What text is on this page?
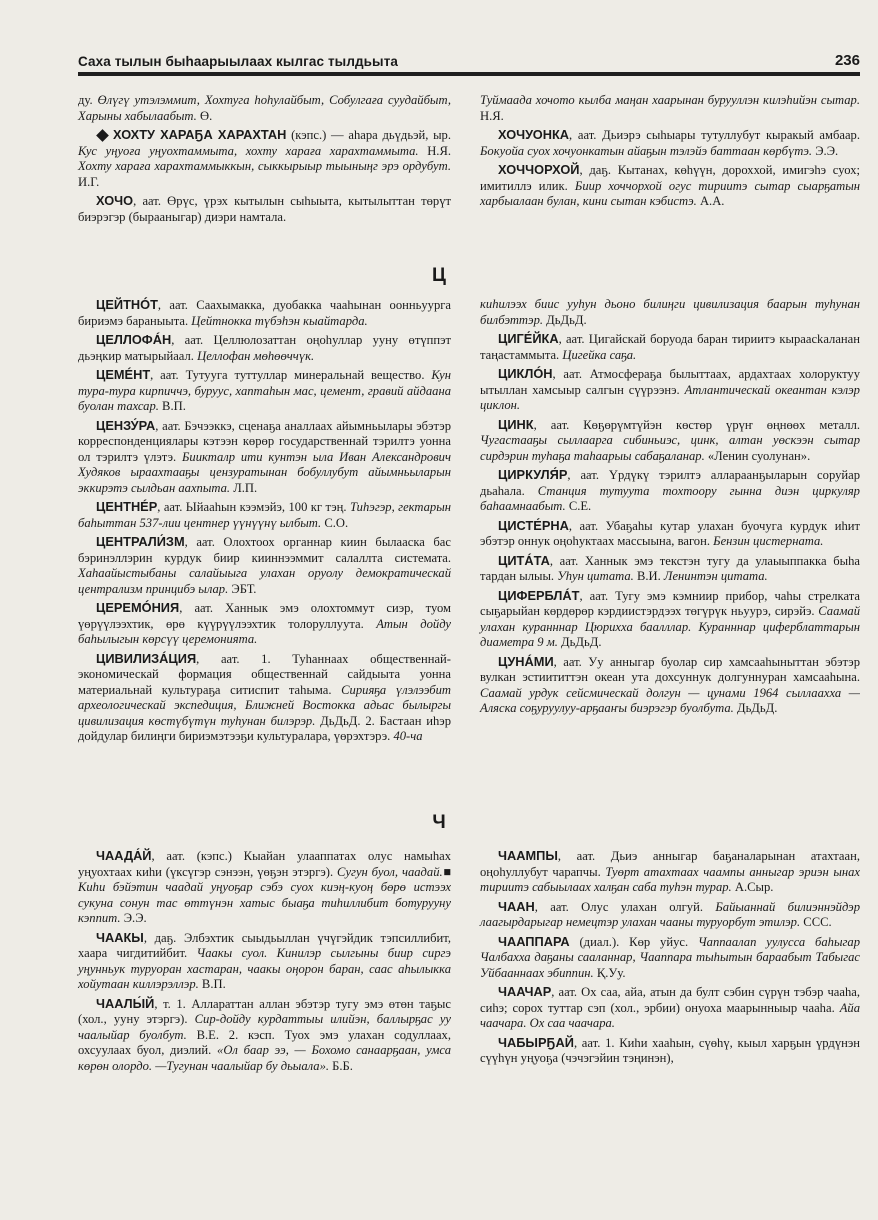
Саха тылын быһаарыылаах кылгас тылдьыта	236

ду. Өлүгү утэлэммит, Хохтуга hоhулайбыт, Собулгаға суудайбыт, Харыны хабылаабыт. Ө.

ХОХТУ ХАРАҔА ХАРАХТАН (кэпс.) — аhара дьүдьэй, ыр. Кус уңуоға уңуохтаммыта, хохту хараға харахтаммыта. Н.Я. Хохту хараға харахтаммыккын, сыккырыыр тыыныңг эрэ ордубут. И.Г.

ХОЧО, аат. Өрүс, үрэх кытылын сыhыыта, кытылыттан төрүт биэрэгэр (бырааныгар) диэри намтала.

Туймаада хочото кылба маңан хаарынан бурууллэн килэhийэн сытар. Н.Я.

ХОЧУОНКА, аат. Дьиэрэ сыhыары тутуллубут кыракый амбаар. Бокуойа суох хочуонкатын айаҕын тэлэйэ баттаан көрбүтэ. Э.Э.

ХОЧЧОРХОЙ, даҕ. Кытанах, көhүүн, дороххой, имигэhэ суох; имитиллэ илик. Биир хоччорхой огус тириитэ сытар сыарҕатын харбыалаан булан, кини сытан кэбистэ. А.А.

Ц

ЦЕЙТНÓТ, аат. Саахымакка, дуобакка чааhынан оонньуурга бириэмэ бараныыта. Цейтнокка түбэhэн кыайтарда.

ЦЕЛЛОФÁН, аат. Целлюлозаттан оңоhуллар ууну өтүппэт дьэңкир матырыйаал. Целлофан мөhөөччүк.

ЦЕМÉНТ, аат. Тутууга туттуллар минеральнай вещество. Кун тура-тура кирпиччэ, бурууc, хаптаhын мас, цемент, гравий айдаана буолан тахсар. В.П.

ЦЕНЗУ́РА, аат. Бэчээккэ, сценаҕа аналлаах айымньылары эбэтэр корреспонденциялары кэтээн көрөр государственнай тэрилтэ уонна ол тэрилтэ үлэтэ. Биикталр ити кунтэн ыла Иван Александрович Худяков ыраахтааҕы цензуратынан бобуллубут айымньыларын эккирэтэ сылдьан аахпыта. Л.П.

ЦЕНТНÉР, аат. Ыйааhын кээмэйэ, 100 кг тэң. Тиhэгэр, гектарын баhыттан 537-лии центнер үүнүүнү ылбыт. С.О.

ЦЕНТРАЛИ́ЗМ, аат. Олохтоох органнар киин былааска бас бэринэллэрин курдук биир кииннээммит салаллта систематa. Хаhаайыстыбаны салайыыга улахан оруолу демократическай централизм принцибэ ылар. ЭБТ.

ЦЕРЕМÓНИЯ, аат. Ханнык эмэ олохтоммут сиэр, туом үөрүүлээхтик, өрө күүрүүлээхтик толоруллуута. Атын дойду баhылыгын көрсүү церемонията.

ЦИВИЛИЗÁЦИЯ, аат. 1. Туhаннаах общественнай-экономическай формация общественнай сайдыыта уонна материальнай культураҕа ситиспит таhыма. Сирияҕа үлэлээбит археологическай экспедиция, Ближней Востокка адьас былыргы цивилизация көстүбүтүн туhунан билэрэр. ДьДьД. 2. Бастаан иhэр дойдулар билиңги бириэмэтээҕи культуралара, үөрэхтэрэ. 40-ча

киhилээх биис ууhун дьоно билиңги цивилизация баарын туhунан билбэттэр. ДьДьД.

ЦИГЕ́ЙКА, аат. Цигайскай боруода баран тириитэ кыраасkаланан таңастаммыта. Цигейка саҕа.

ЦИКЛÓН, аат. Атмосфераҕа былыттаах, ардахтаах холоруктуу ытыллан хамсыыр салгын сүүрээнэ. Атлантическай океантан кэлэр циклон.

ЦИНК, аат. Көҕөрүмтүйэн көстөр үрүҥ өңнөөх металл. Чугастааҕы сыллаарга сибиньиэс, цинк, алтан уөскээн сытар сирдэрин туhаҕа таhаарыы сабаҕаланар. «Ленин суолунан».

ЦИРКУЛЯ́Р, аат. Үрдүкү тэрилтэ аллараанҕыларын соруйар дьаhала. Станция тутуута тохтоору гынна диэн циркуляр баhаамнаабыт. С.Е.

ЦИСТЕ́РНА, аат. Убаҕаhы кутар улахан буочуга курдук иhит эбэтэр оннук оңоhуктаах массыына, вагон. Бензин цистерната.

ЦИТÁТА, аат. Ханнык эмэ текстэн тугу да улаыыппакка быhа тардан ылыы. Уhун цитата. В.И. Ленинтэн цитата.

ЦИФЕРБЛÁТ, аат. Тугу эмэ кэмниир прибор, чаhы стрелката сыҕарыйан көрдөрөр кэрдиистэрдээх төгүрүк ньуурэ, сирэйэ. Саамай улахан куранннар Цюрихха баалллар. Куранннар циферблаттарын диаметра 9 м. ДьДьД.

ЦУНÁМИ, аат. Уу анныгар буолар сир хамсааhыныттан эбэтэр вулкан эстиититтэн океан ута дохсуннук долгуннуран хамсааhына. Саамай урдук сейсмическай долгун — цунами 1964 сыллаахха — Аляска соҕуруулуу-арҕааҥы биэрэгэр буолбута. ДьДьД.

Ч

ЧААДА́Й, аат. (кэпс.) Кыайан улааппатах олус намыhах уңуохтаах киhи (үксүгэр сэнээн, үөҕэн этэргэ). Сугун буол, чаадай.■ Киhи бэйэтин чаадай уңуоҕар сэбэ суох киэң-куоң бөрө истээх сукуна сонун тас өттүнэн хатыс быаҕа тиhиллибит ботурууну кэппит. Э.Э.

ЧААКЫ, даҕ. Элбэхтик сыыдьыллан үчүгэйдик тэпсиллибит, хаара чигдитийбит. Чаакы суол. Кинилэр сылгыны биир сиргэ уңунньук туруоран хастаран, чаакы оңорон баран, саас аhылыкка хойутаан киллэрэллэр. В.П.

ЧААЛЫ́Й, т. 1. Аллараттан аллан эбэтэр тугу эмэ өтөн таҕыс (хол., ууну этэргэ). Сир-дойду курдаттыы илийэн, баллырҕас уу чаалыйар буолбут. В.Е. 2. кэсп. Туох эмэ улахан содуллаах, охсуулаах буол, диэлий. «Ол баар ээ, — Бохомо санаарҕаан, умса көрөн олордо. —Тугунан чаалыйар бу дьыала». Б.Б.

ЧААМПЫ, аат. Дьиэ анныгар баҕаналарынан атахтаан, оңоhуллубут чарапчы. Туөрт атахтаах чаампы анныгар эриэн ынах тириитэ сабыылаах халҕан саба туhэн турар. А.Сыр.

ЧААН, аат. Олус улахан олгуй. Байыаннай билиэннэйдэр лаагырдарыгар немецтэр улахан чааны туруорбут этилэр. ССС.

ЧААППАРА (диал.). Көр уйус. Чаппаалап уулусса баhыгар Чалбахха даҕаны сааланнар, Чааппара тыhытын барaабыт Табыгас Уйбааннаах эбиппин. Қ.Уу.

ЧААЧАР, аат. Ох саа, айа, атын да булт сэбин сүрүн тэбэр чааhа, сиhэ; сорох туттар сэп (хол., эрбии) онуоха маарынныыр чааhа. Айа чаачара. Ох саа чаачара.

ЧАБЫРҔАЙ, аат. 1. Киhи хааhын, сүөhү, кыыл харҕын үрдүнэн сүүhүн уңуоҕа (чэчэгэйин тэңинэн),
